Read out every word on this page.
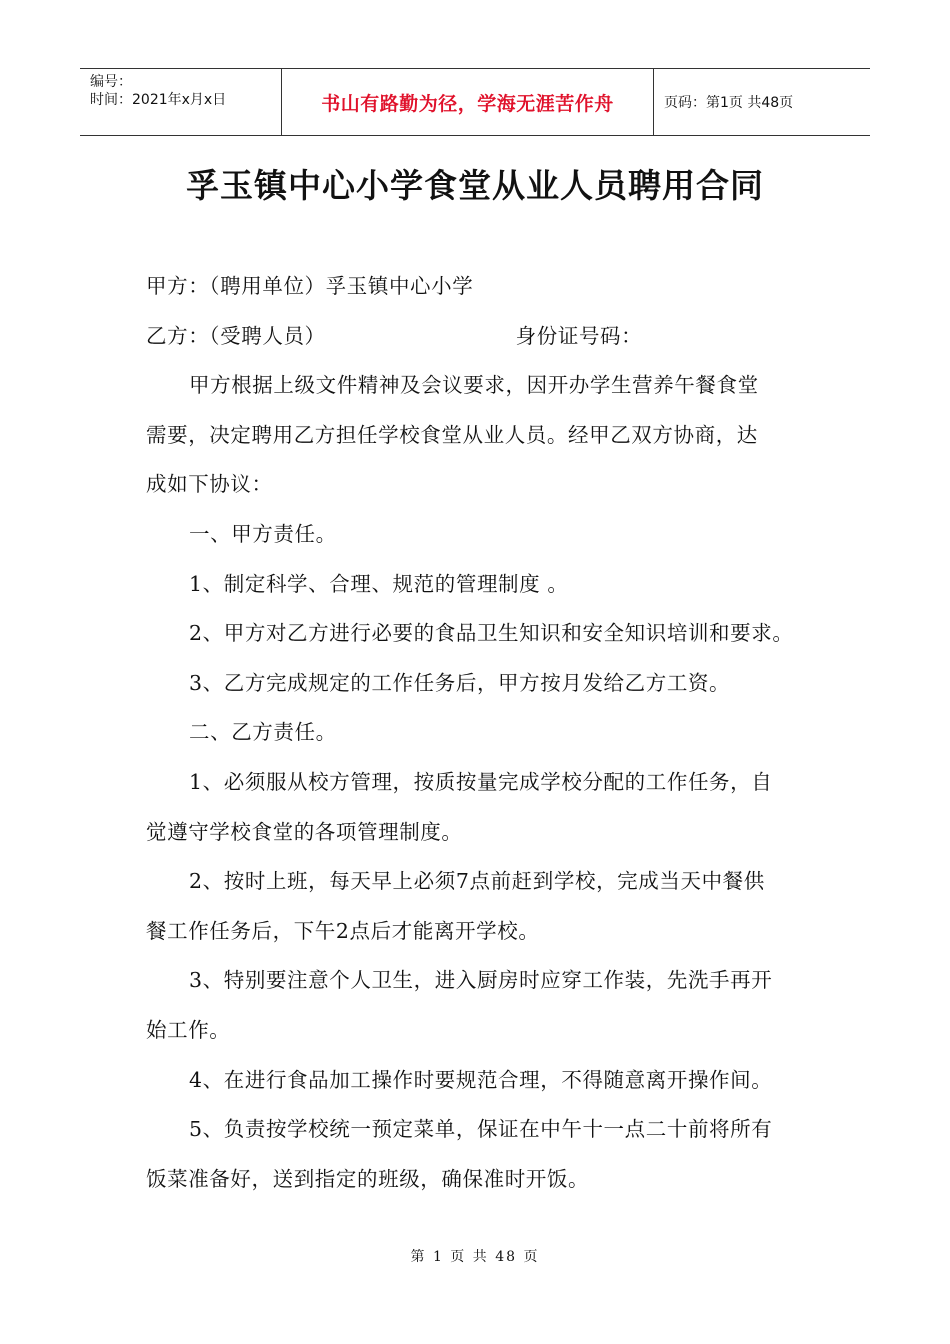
编号：
时间：2021年x月x日	书山有路勤为径，学海无涯苦作舟	页码：第1页 共48页
孚玉镇中心小学食堂从业人员聘用合同

甲方：（聘用单位）孚玉镇中心小学

乙方：（受聘人员）	身份证号码：

甲方根据上级文件精神及会议要求，因开办学生营养午餐食堂

需要，决定聘用乙方担任学校食堂从业人员。经甲乙双方协商，达

成如下协议：

一、甲方责任。

1、制定科学、合理、规范的管理制度 。

2、甲方对乙方进行必要的食品卫生知识和安全知识培训和要求。

3、乙方完成规定的工作任务后，甲方按月发给乙方工资。

二、乙方责任。

1、必须服从校方管理，按质按量完成学校分配的工作任务，自

觉遵守学校食堂的各项管理制度。

2、按时上班，每天早上必须7点前赶到学校，完成当天中餐供

餐工作任务后，下午2点后才能离开学校。

3、特别要注意个人卫生，进入厨房时应穿工作装，先洗手再开

始工作。

4、在进行食品加工操作时要规范合理，不得随意离开操作间。

5、负责按学校统一预定菜单，保证在中午十一点二十前将所有

饭菜准备好，送到指定的班级，确保准时开饭。

第 1 页 共 48 页
